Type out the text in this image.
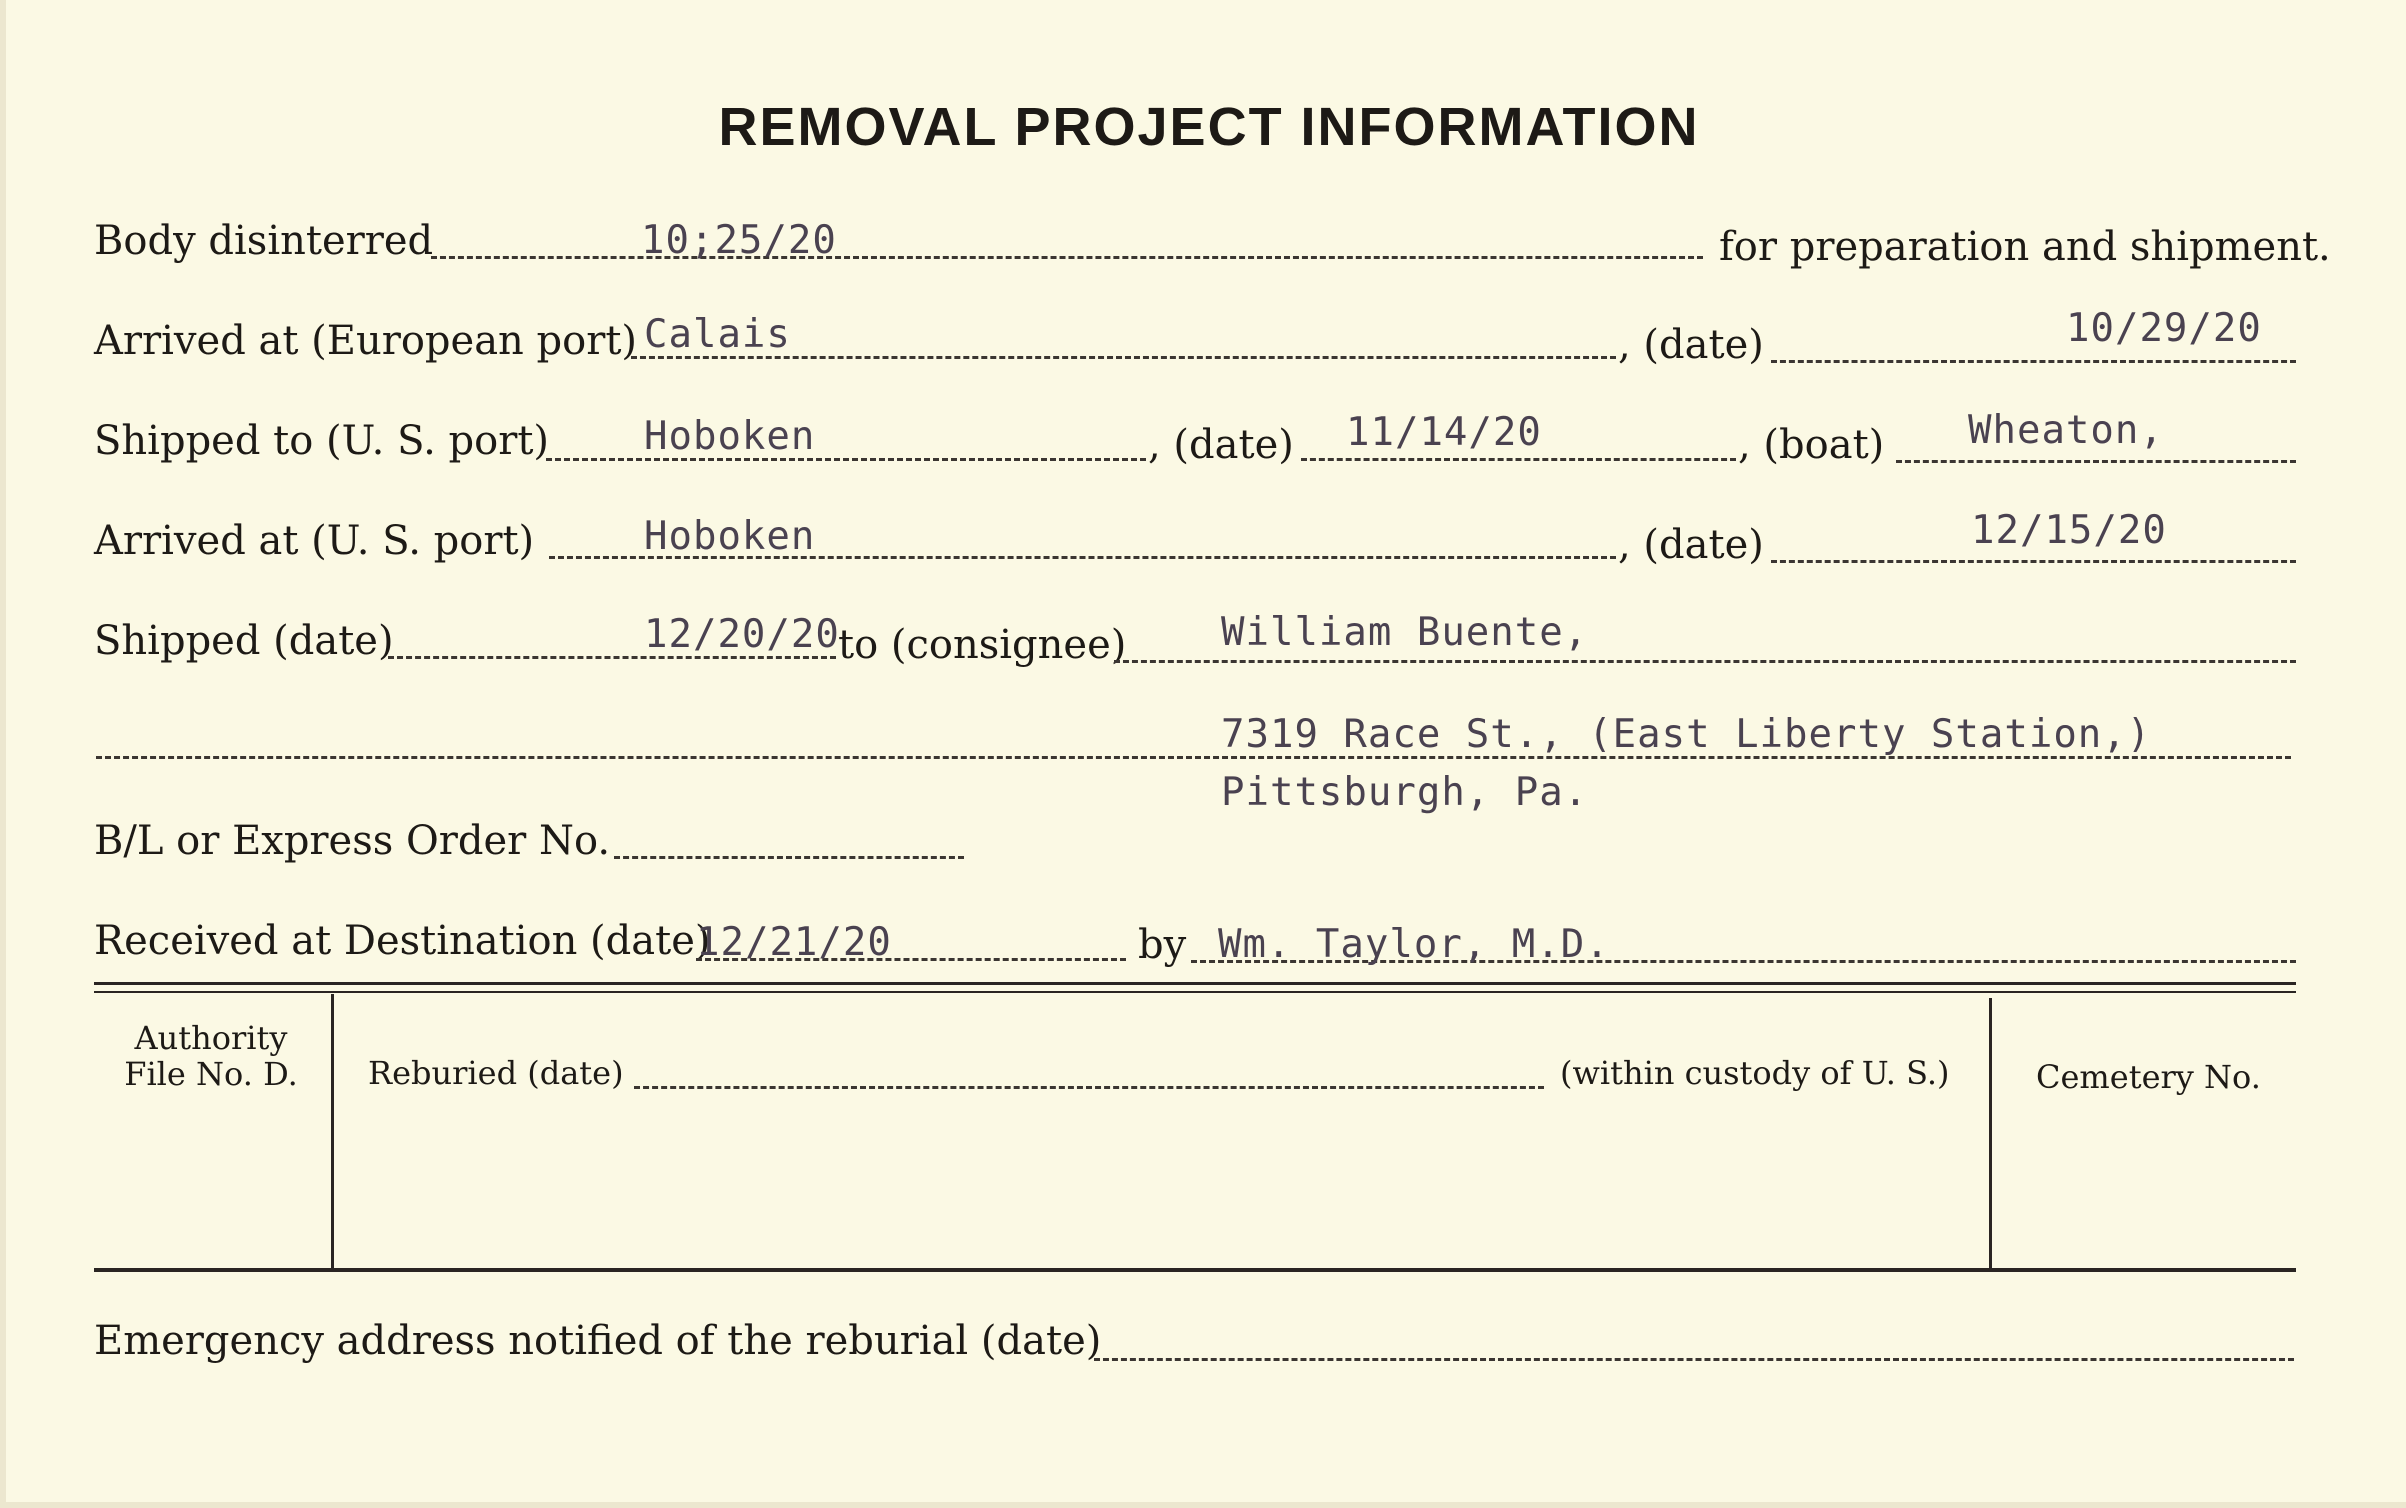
REMOVAL PROJECT INFORMATION
Body disinterred	10;25/20	for preparation and shipment.
Arrived at (European port) Calais	, (date)	10/29/20
Shipped to (U. S. port) Hoboken	, (date) 11/14/20	, (boat) Wheaton,
Arrived at (U. S. port)	Hoboken	, (date)	12/15/20
Shipped (date)	12/20/20
to (consignee) William Buente,
7319 Race St., (East Liberty Station,)
Pittsburgh, Pa.
B/L or Express Order No.
Received at Destination (date)
12/21/20	by Wm. Taylor, M.D.
Authority
File No. D.	Reburied (date)	(within custody of U. S.)	Cemetery No.
Emergency address notified of the reburial (date)
